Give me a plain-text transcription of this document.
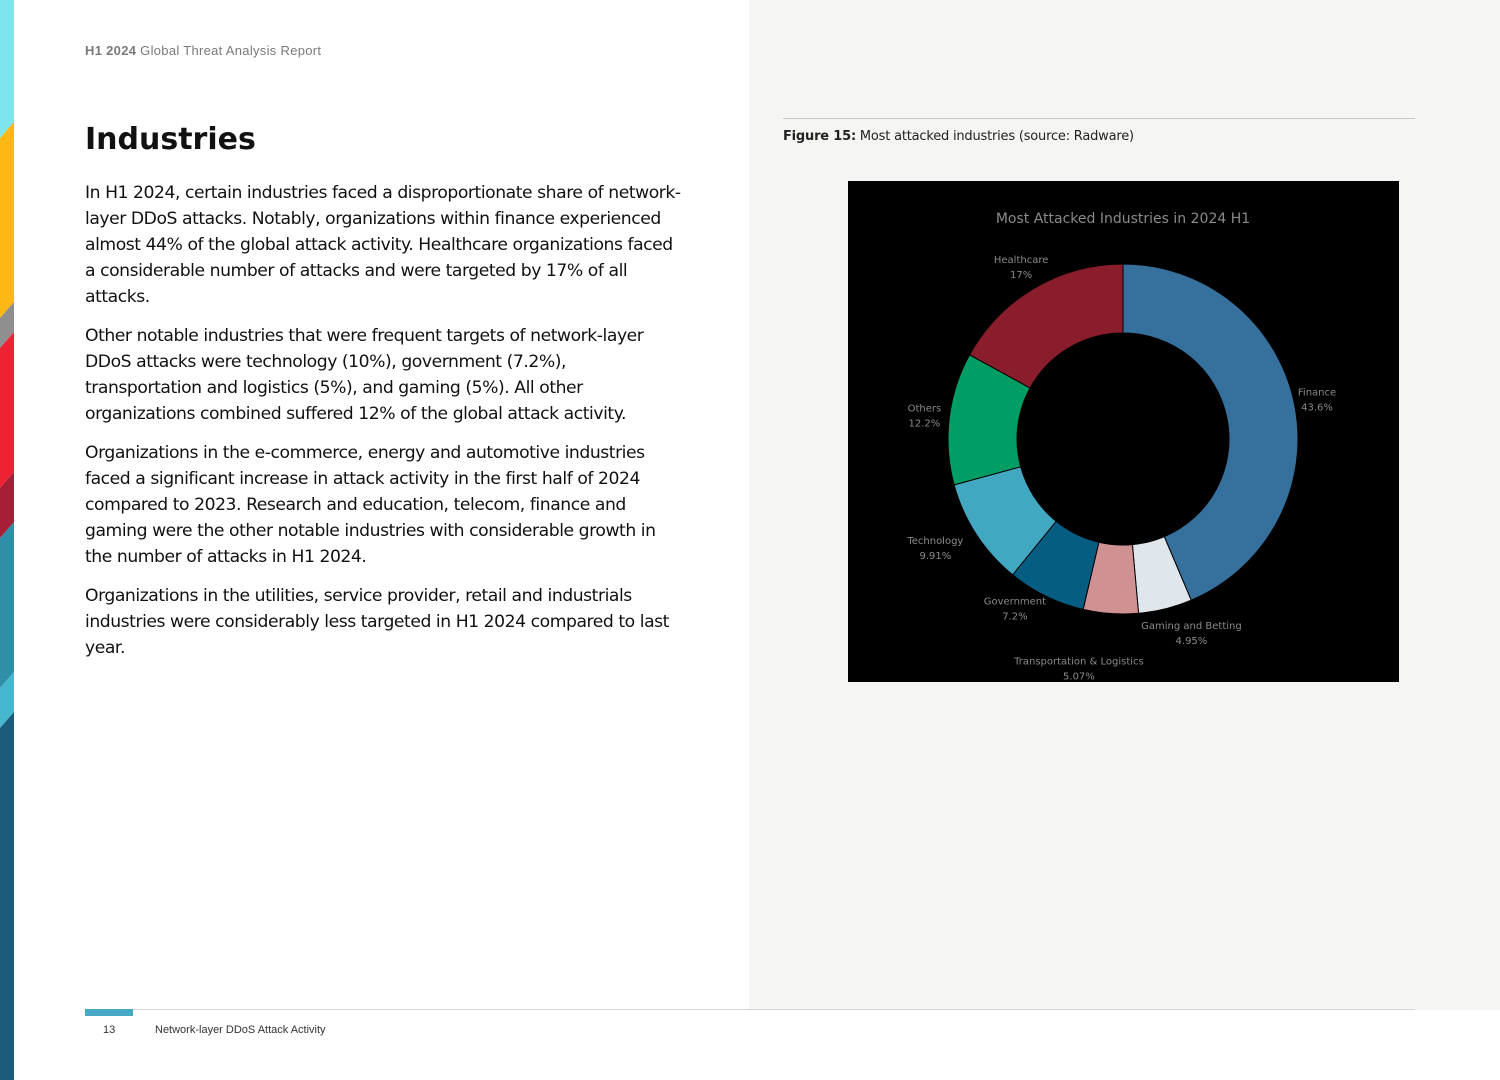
H1 2024 Global Threat Analysis Report
Industries

In H1 2024, certain industries faced a disproportionate share of network-layer DDoS attacks. Notably, organizations within finance experienced almost 44% of the global attack activity. Healthcare organizations faced a considerable number of attacks and were targeted by 17% of all attacks.

Other notable industries that were frequent targets of network-layer DDoS attacks were technology (10%), government (7.2%), transportation and logistics (5%), and gaming (5%). All other organizations combined suffered 12% of the global attack activity.

Organizations in the e-commerce, energy and automotive industries faced a significant increase in attack activity in the first half of 2024 compared to 2023. Research and education, telecom, finance and gaming were the other notable industries with considerable growth in the number of attacks in H1 2024.

Organizations in the utilities, service provider, retail and industrials industries were considerably less targeted in H1 2024 compared to last year.

Figure 15: Most attacked industries (source: Radware)
Most Attacked Industries in 2024 H1
Finance
43.6%
Gaming and Betting
4.95%
Transportation & Logistics
5.07%
Government
7.2%
Technology
9.91%
Others
12.2%
Healthcare
17%
13	Network-layer DDoS Attack Activity
